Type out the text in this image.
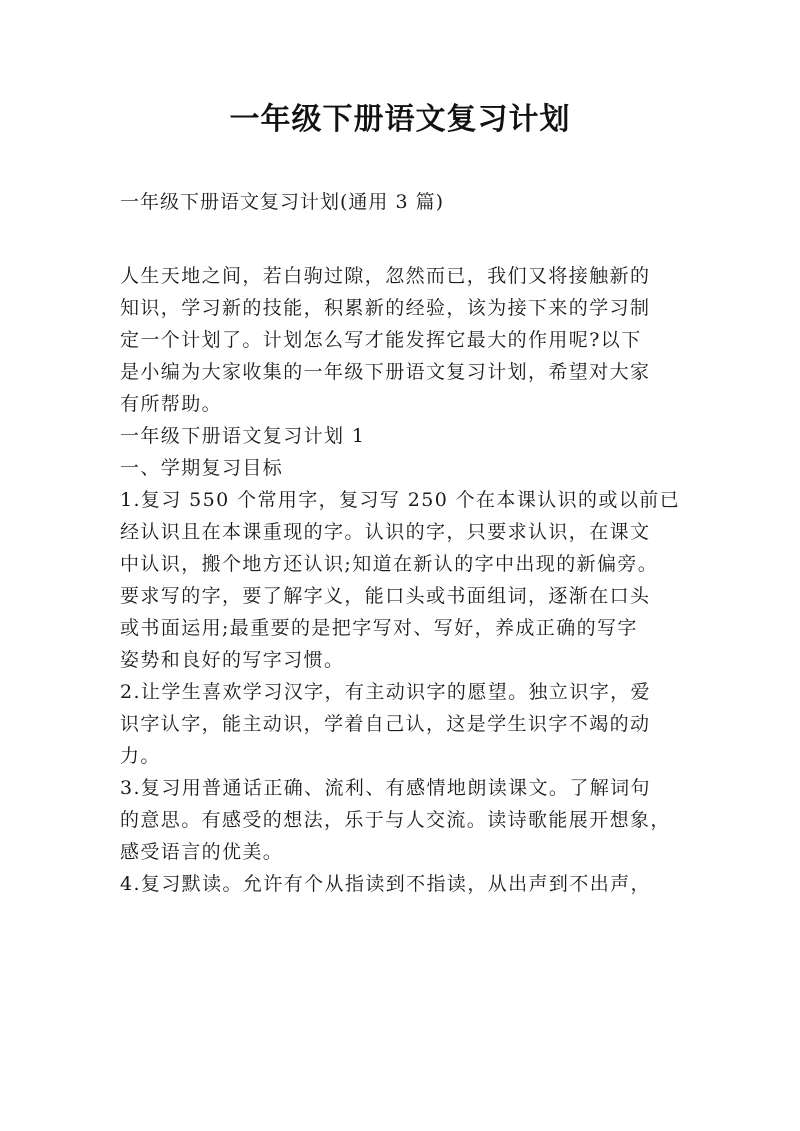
一年级下册语文复习计划
一年级下册语文复习计划(通用 3 篇)
人生天地之间，若白驹过隙，忽然而已，我们又将接触新的
知识，学习新的技能，积累新的经验，该为接下来的学习制
定一个计划了。计划怎么写才能发挥它最大的作用呢?以下
是小编为大家收集的一年级下册语文复习计划，希望对大家
有所帮助。
一年级下册语文复习计划 1
一、学期复习目标
1.复习 550 个常用字，复习写 250 个在本课认识的或以前已
经认识且在本课重现的字。认识的字，只要求认识，在课文
中认识，搬个地方还认识;知道在新认的字中出现的新偏旁。
要求写的字，要了解字义，能口头或书面组词，逐渐在口头
或书面运用;最重要的是把字写对、写好，养成正确的写字
姿势和良好的写字习惯。
2.让学生喜欢学习汉字，有主动识字的愿望。独立识字，爱
识字认字，能主动识，学着自己认，这是学生识字不竭的动
力。
3.复习用普通话正确、流利、有感情地朗读课文。了解词句
的意思。有感受的想法，乐于与人交流。读诗歌能展开想象，
感受语言的优美。
4.复习默读。允许有个从指读到不指读，从出声到不出声，
